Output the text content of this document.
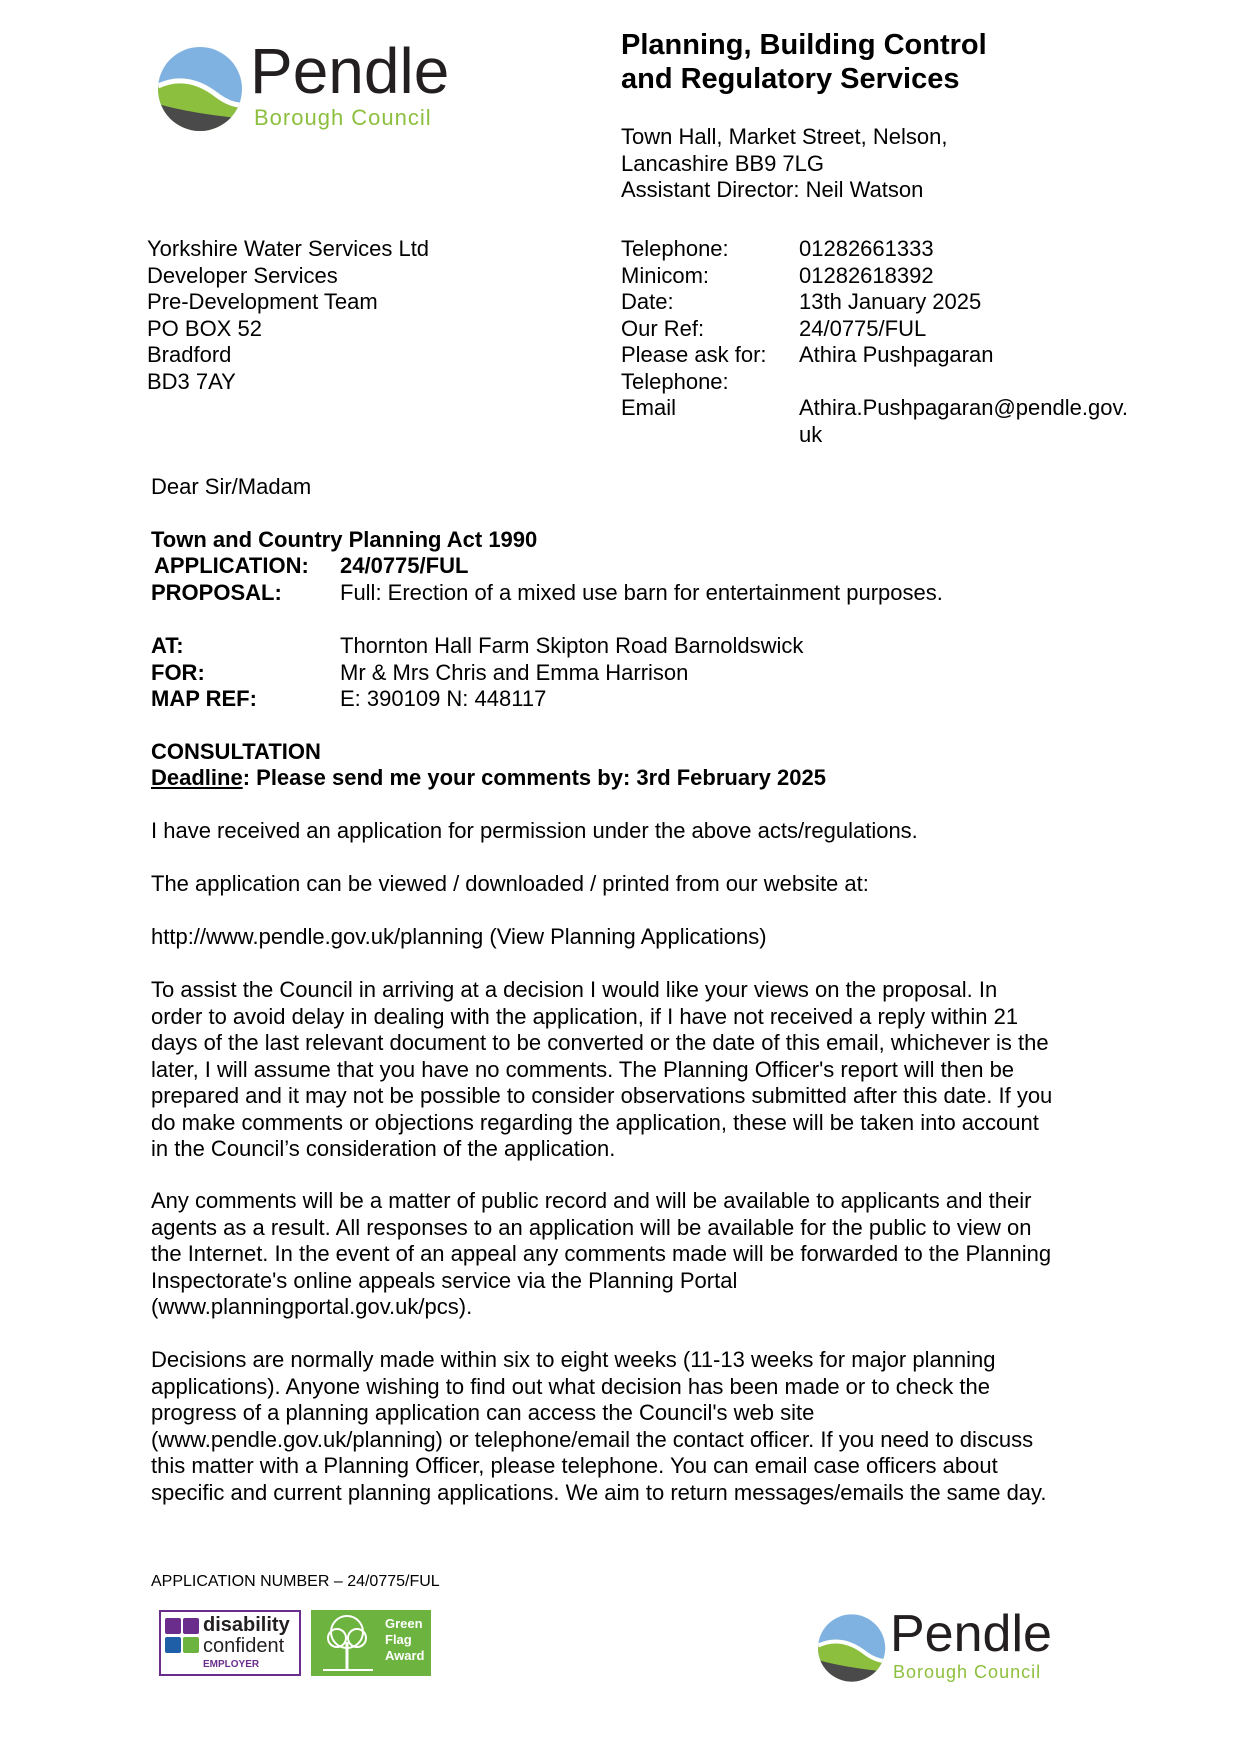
Pendle
Borough Council
Planning, Building Control
and Regulatory Services
Town Hall, Market Street, Nelson,
Lancashire BB9 7LG
Assistant Director: Neil Watson
Yorkshire Water Services Ltd
Developer Services
Pre-Development Team
PO BOX 52
Bradford
BD3 7AY
Telephone:	01282661333
Minicom:	01282618392
Date:	13th January 2025
Our Ref:	24/0775/FUL
Please ask for:	Athira Pushpagaran
Telephone:

Email	Athira.Pushpagaran@pendle.gov.
uk
Dear Sir/Madam
Town and Country Planning Act 1990
APPLICATION:	24/0775/FUL
PROPOSAL:	Full: Erection of a mixed use barn for entertainment purposes.
AT:	Thornton Hall Farm Skipton Road Barnoldswick
FOR:	Mr & Mrs Chris and Emma Harrison
MAP REF:	E: 390109 N: 448117
CONSULTATION
Deadline: Please send me your comments by: 3rd February 2025
I have received an application for permission under the above acts/regulations.
The application can be viewed / downloaded / printed from our website at:
http://www.pendle.gov.uk/planning (View Planning Applications)
To assist the Council in arriving at a decision I would like your views on the proposal. In
order to avoid delay in dealing with the application, if I have not received a reply within 21
days of the last relevant document to be converted or the date of this email, whichever is the
later, I will assume that you have no comments. The Planning Officer's report will then be
prepared and it may not be possible to consider observations submitted after this date. If you
do make comments or objections regarding the application, these will be taken into account
in the Council’s consideration of the application.
Any comments will be a matter of public record and will be available to applicants and their
agents as a result. All responses to an application will be available for the public to view on
the Internet. In the event of an appeal any comments made will be forwarded to the Planning
Inspectorate's online appeals service via the Planning Portal
(www.planningportal.gov.uk/pcs).
Decisions are normally made within six to eight weeks (11-13 weeks for major planning
applications). Anyone wishing to find out what decision has been made or to check the
progress of a planning application can access the Council's web site
(www.pendle.gov.uk/planning) or telephone/email the contact officer. If you need to discuss
this matter with a Planning Officer, please telephone. You can email case officers about
specific and current planning applications. We aim to return messages/emails the same day.
APPLICATION NUMBER – 24/0775/FUL
disability
confident
EMPLOYER
Green
Flag
Award	Pendle
Borough Council
